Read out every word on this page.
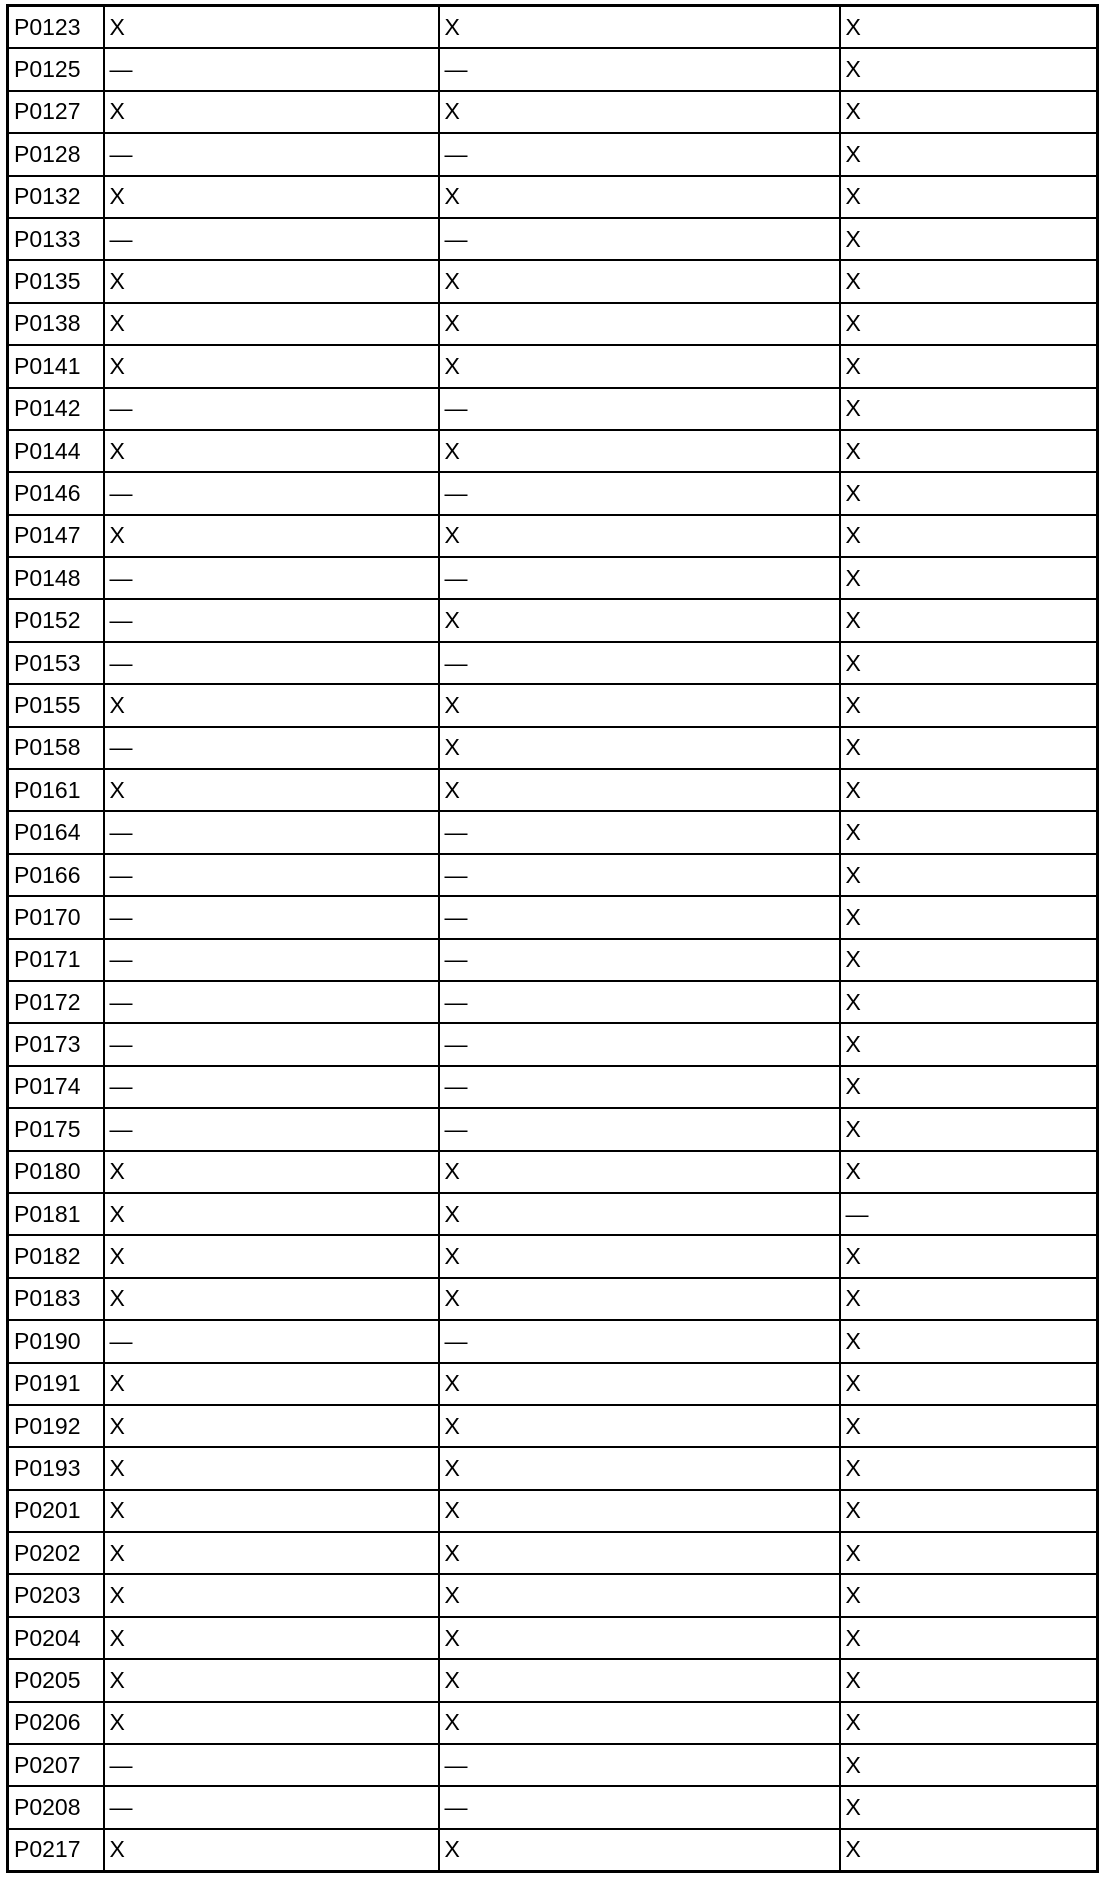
P0123	X	X	X
P0125	—	—	X
P0127	X	X	X
P0128	—	—	X
P0132	X	X	X
P0133	—	—	X
P0135	X	X	X
P0138	X	X	X
P0141	X	X	X
P0142	—	—	X
P0144	X	X	X
P0146	—	—	X
P0147	X	X	X
P0148	—	—	X
P0152	—	X	X
P0153	—	—	X
P0155	X	X	X
P0158	—	X	X
P0161	X	X	X
P0164	—	—	X
P0166	—	—	X
P0170	—	—	X
P0171	—	—	X
P0172	—	—	X
P0173	—	—	X
P0174	—	—	X
P0175	—	—	X
P0180	X	X	X
P0181	X	X	—
P0182	X	X	X
P0183	X	X	X
P0190	—	—	X
P0191	X	X	X
P0192	X	X	X
P0193	X	X	X
P0201	X	X	X
P0202	X	X	X
P0203	X	X	X
P0204	X	X	X
P0205	X	X	X
P0206	X	X	X
P0207	—	—	X
P0208	—	—	X
P0217	X	X	X
